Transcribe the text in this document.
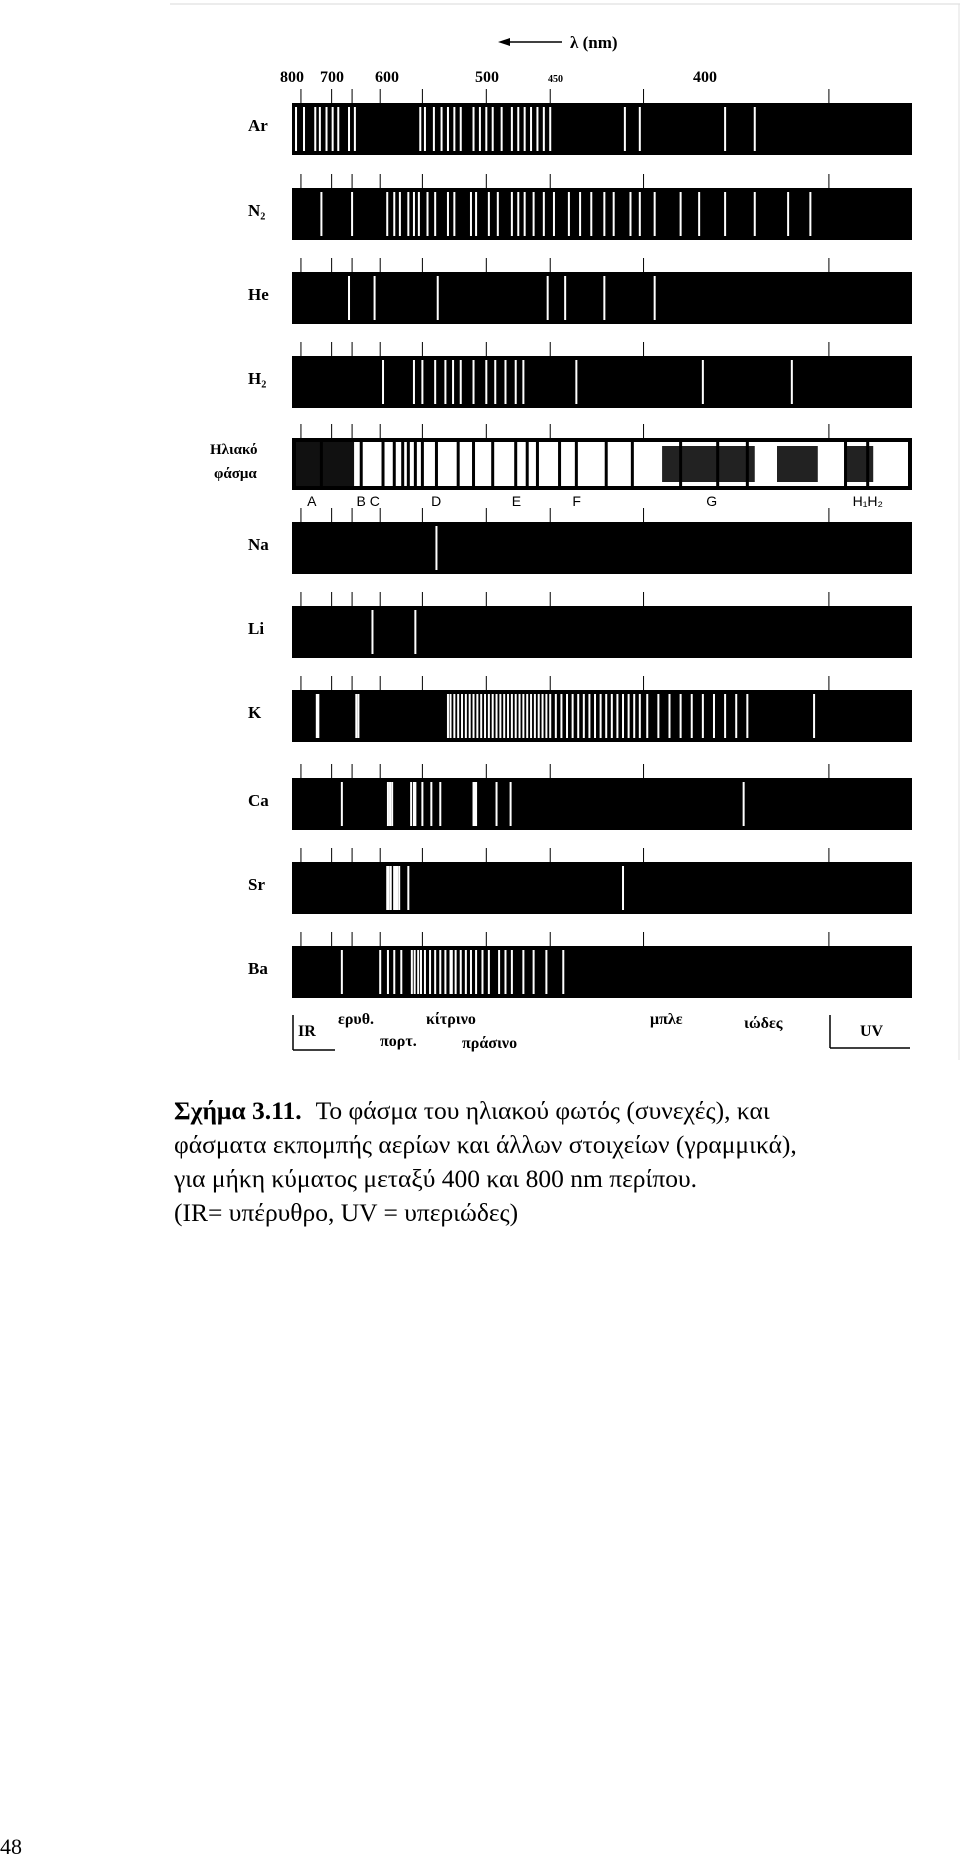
λ (nm)
800 700 600	500	450	400
Ar
N₂
He
H₂
Ηλιακό
φάσμα
Na
Li
K
Ca
Sr
Ba
A	B C	D	E	F	G	H₁H₂
IR
ερυθ.
πορτ.
κίτρινο
πράσινο
μπλε	ιώδες	UV
Σχήμα 3.11. Το φάσμα του ηλιακού φωτός (συνεχές), και
φάσματα εκπομπής αερίων και άλλων στοιχείων (γραμμικά),
για μήκη κύματος μεταξύ 400 και 800 nm περίπου.
(IR= υπέρυθρο, UV = υπεριώδες)
48
